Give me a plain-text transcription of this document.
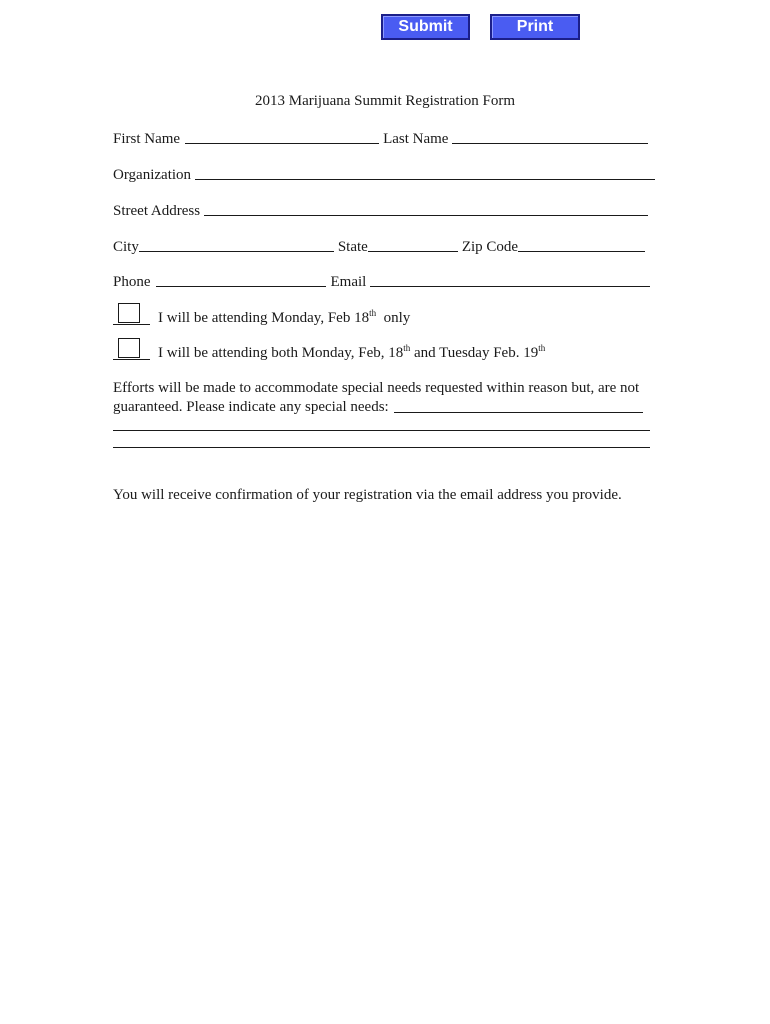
Submit	Print
2013 Marijuana Summit Registration Form
First Name	Last Name
Organization
Street Address
City	State	Zip Code
Phone	Email
I will be attending Monday, Feb 18th only
I will be attending both Monday, Feb, 18th and Tuesday Feb. 19th
Efforts will be made to accommodate special needs requested within reason but, are not
guaranteed. Please indicate any special needs:
You will receive confirmation of your registration via the email address you provide.
